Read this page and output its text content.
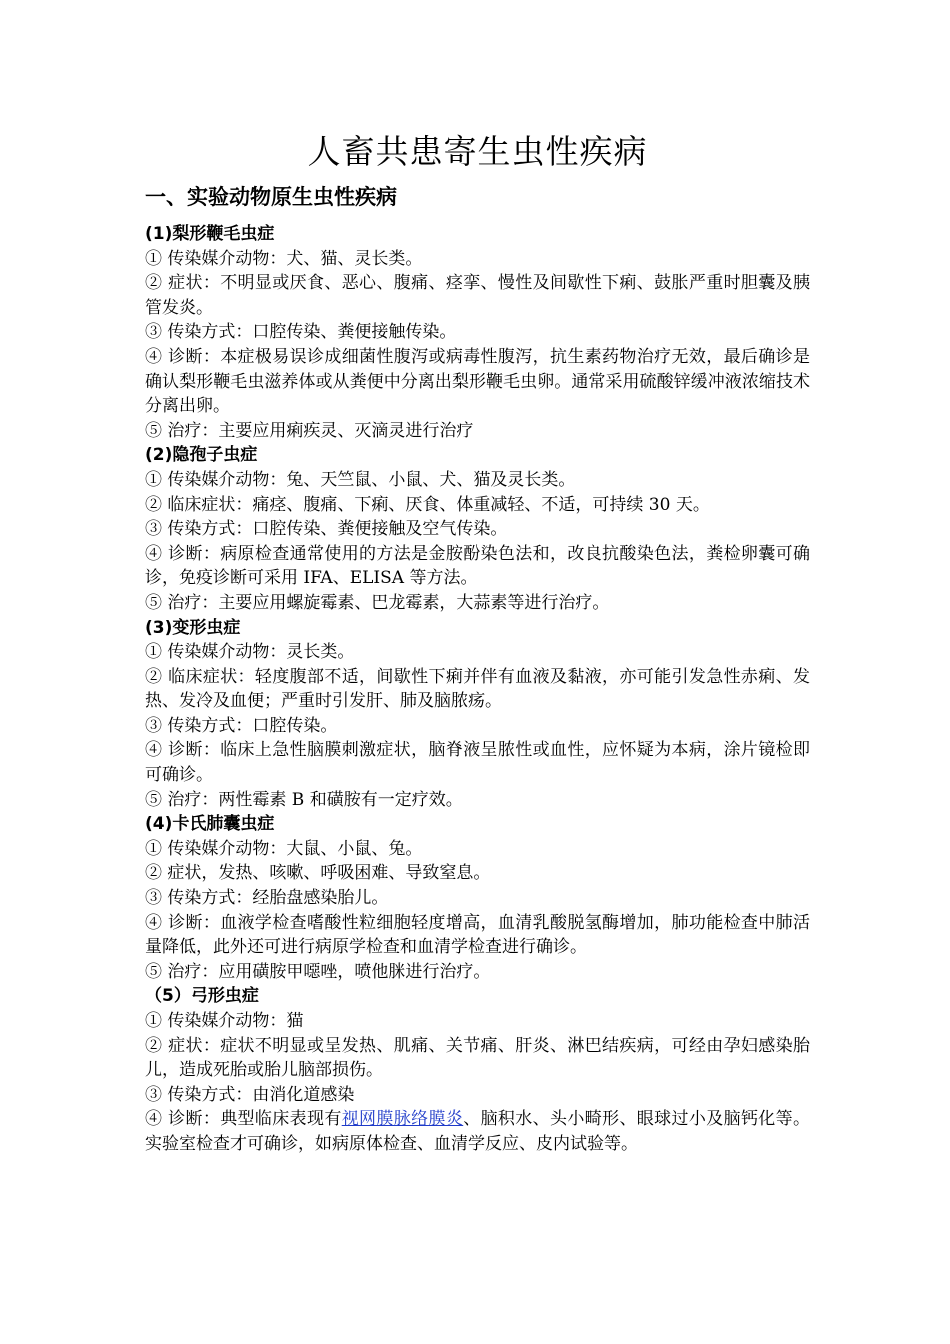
人畜共患寄生虫性疾病
一、实验动物原生虫性疾病

(1)梨形鞭毛虫症

① 传染媒介动物：犬、猫、灵长类。

② 症状：不明显或厌食、恶心、腹痛、痉挛、慢性及间歇性下痢、鼓胀严重时胆囊及胰管发炎。

③ 传染方式：口腔传染、粪便接触传染。

④ 诊断：本症极易误诊成细菌性腹泻或病毒性腹泻，抗生素药物治疗无效，最后确诊是确认梨形鞭毛虫滋养体或从粪便中分离出梨形鞭毛虫卵。通常采用硫酸锌缓冲液浓缩技术分离出卵。

⑤ 治疗：主要应用痢疾灵、灭滴灵进行治疗

(2)隐孢子虫症

① 传染媒介动物：兔、天竺鼠、小鼠、犬、猫及灵长类。

② 临床症状：痛痉、腹痛、下痢、厌食、体重减轻、不适，可持续 30 天。

③ 传染方式：口腔传染、粪便接触及空气传染。

④ 诊断：病原检查通常使用的方法是金胺酚染色法和，改良抗酸染色法，粪检卵囊可确诊，免疫诊断可采用 IFA、ELISA 等方法。

⑤ 治疗：主要应用螺旋霉素、巴龙霉素，大蒜素等进行治疗。

(3)变形虫症

① 传染媒介动物：灵长类。

② 临床症状：轻度腹部不适，间歇性下痢并伴有血液及黏液，亦可能引发急性赤痢、发热、发冷及血便；严重时引发肝、肺及脑脓疡。

③ 传染方式：口腔传染。

④ 诊断：临床上急性脑膜刺激症状，脑脊液呈脓性或血性，应怀疑为本病，涂片镜检即可确诊。

⑤ 治疗：两性霉素 B 和磺胺有一定疗效。

(4)卡氏肺囊虫症

① 传染媒介动物：大鼠、小鼠、兔。

② 症状，发热、咳嗽、呼吸困难、导致窒息。

③ 传染方式：经胎盘感染胎儿。

④ 诊断：血液学检查嗜酸性粒细胞轻度增高，血清乳酸脱氢酶增加，肺功能检查中肺活量降低，此外还可进行病原学检查和血清学检查进行确诊。

⑤ 治疗：应用磺胺甲噁唑，喷他脒进行治疗。

（5）弓形虫症

① 传染媒介动物：猫

② 症状：症状不明显或呈发热、肌痛、关节痛、肝炎、淋巴结疾病，可经由孕妇感染胎儿，造成死胎或胎儿脑部损伤。

③ 传染方式：由消化道感染

④ 诊断：典型临床表现有视网膜脉络膜炎、脑积水、头小畸形、眼球过小及脑钙化等。实验室检查才可确诊，如病原体检查、血清学反应、皮内试验等。
